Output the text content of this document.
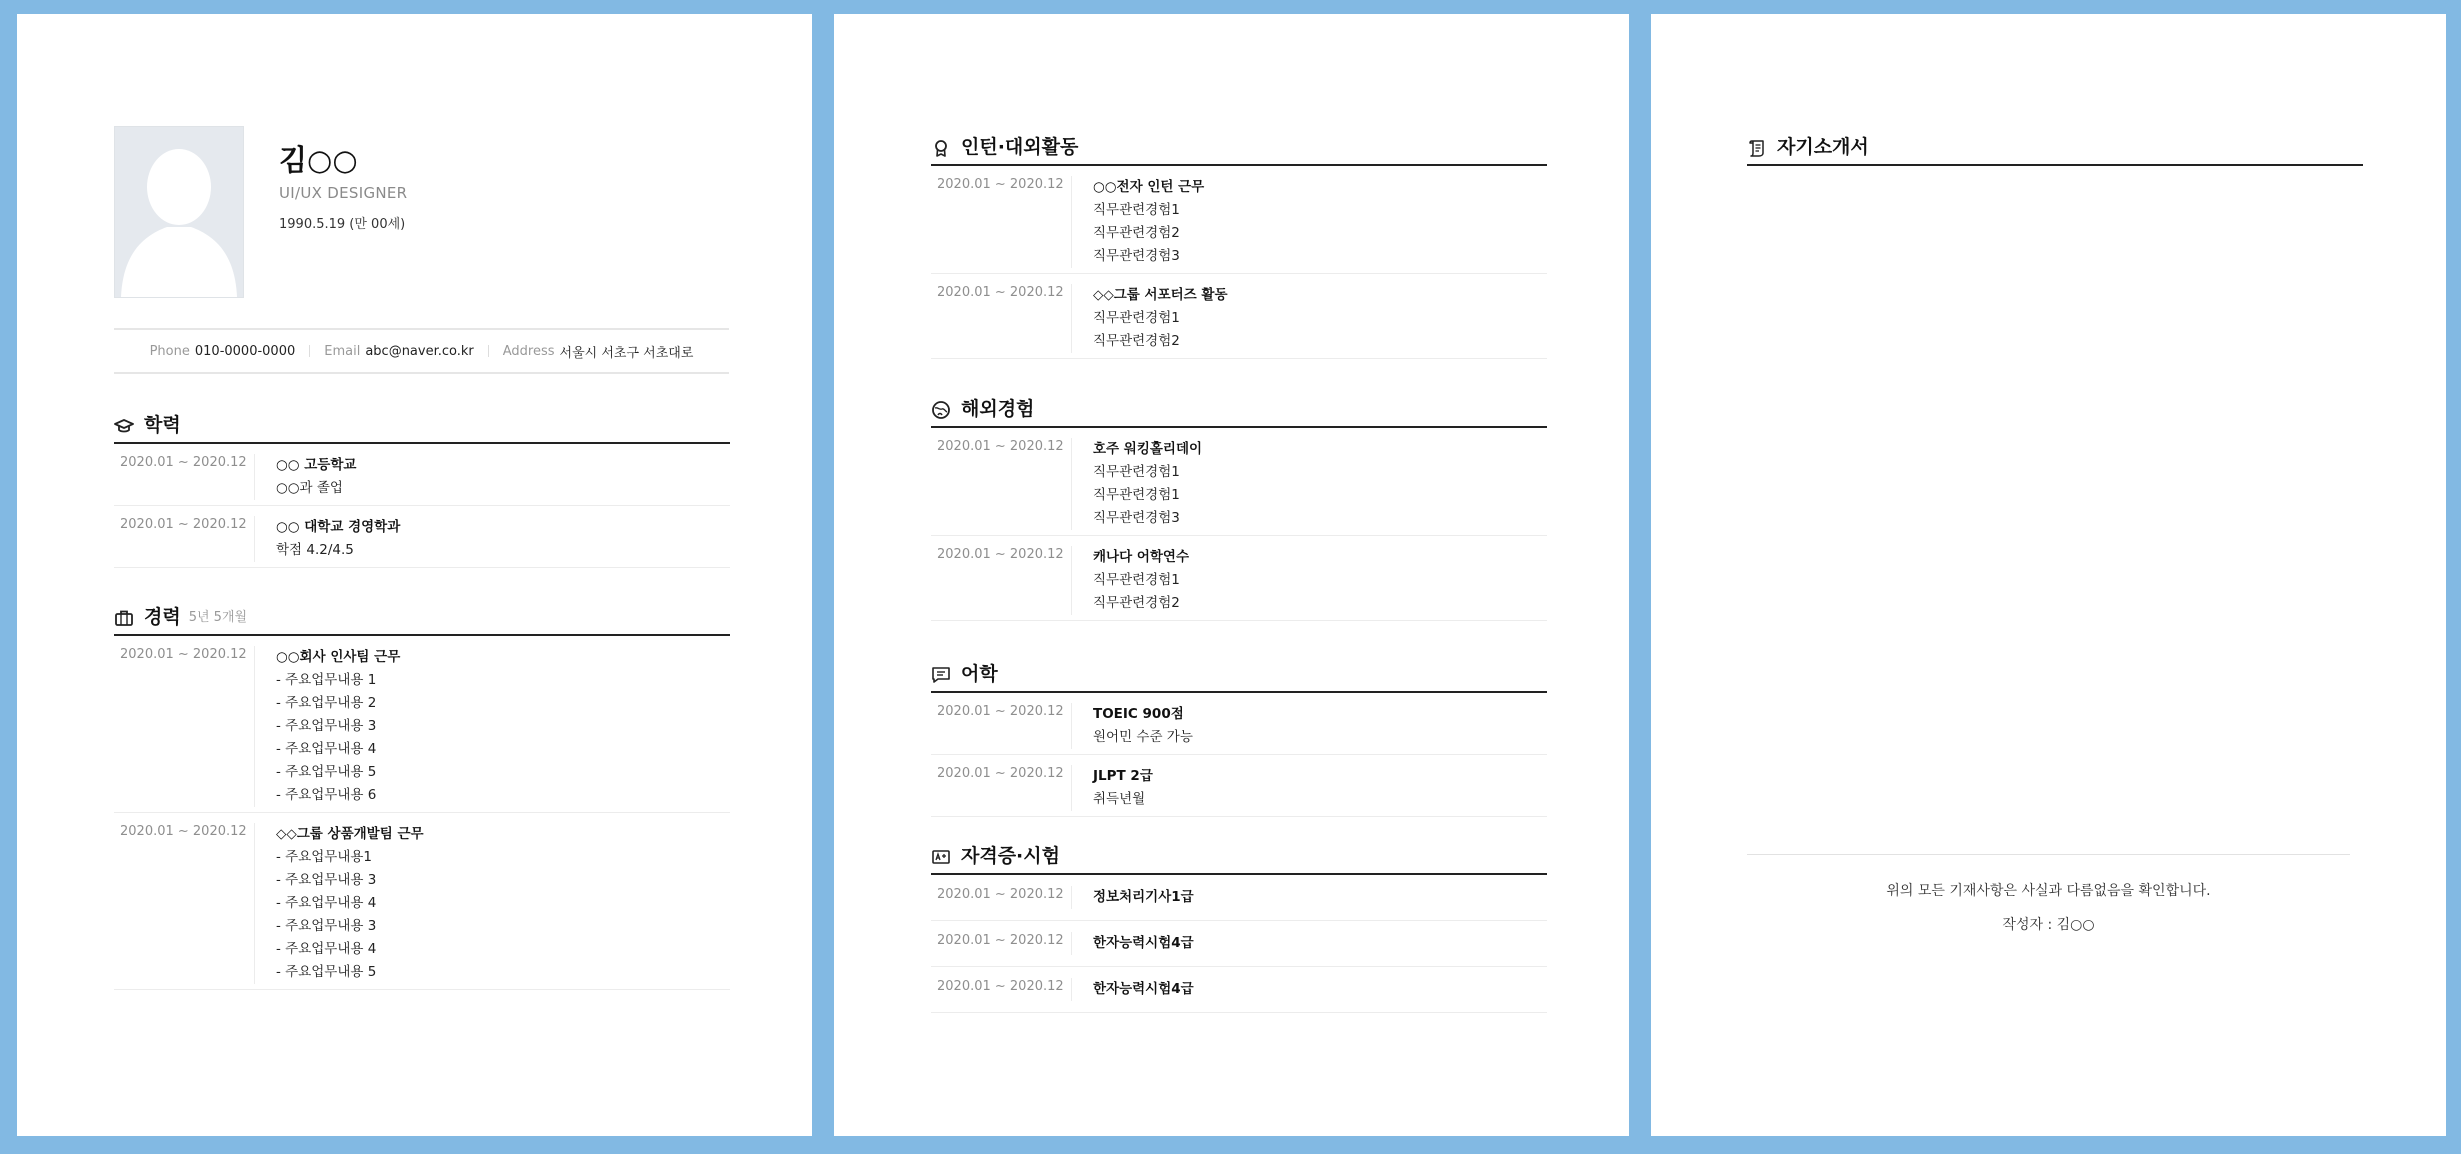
김○○
UI/UX DESIGNER
1990.5.19 (만 00세)
Phone 010-0000-0000 Email abc@naver.co.kr Address 서울시 서초구 서초대로
학력
2020.01 ~ 2020.12	○○ 고등학교
○○과 졸업
2020.01 ~ 2020.12	○○ 대학교 경영학과
학점 4.2/4.5
경력 5년 5개월
2020.01 ~ 2020.12	○○회사 인사팀 근무
- 주요업무내용 1
- 주요업무내용 2
- 주요업무내용 3
- 주요업무내용 4
- 주요업무내용 5
- 주요업무내용 6
2020.01 ~ 2020.12	◇◇그룹 상품개발팀 근무
- 주요업무내용1
- 주요업무내용 3
- 주요업무내용 4
- 주요업무내용 3
- 주요업무내용 4
- 주요업무내용 5
인턴·대외활동
2020.01 ~ 2020.12	○○전자 인턴 근무
직무관련경험1
직무관련경험2
직무관련경험3
2020.01 ~ 2020.12	◇◇그룹 서포터즈 활동
직무관련경험1
직무관련경험2
해외경험
2020.01 ~ 2020.12	호주 워킹홀리데이
직무관련경험1
직무관련경험1
직무관련경험3
2020.01 ~ 2020.12	캐나다 어학연수
직무관련경험1
직무관련경험2
어학
2020.01 ~ 2020.12	TOEIC 900점
원어민 수준 가능
2020.01 ~ 2020.12	JLPT 2급
취득년월
자격증·시험
2020.01 ~ 2020.12	정보처리기사1급
2020.01 ~ 2020.12	한자능력시험4급
2020.01 ~ 2020.12	한자능력시험4급
자기소개서
위의 모든 기재사항은 사실과 다름없음을 확인합니다.
작성자 : 김○○
